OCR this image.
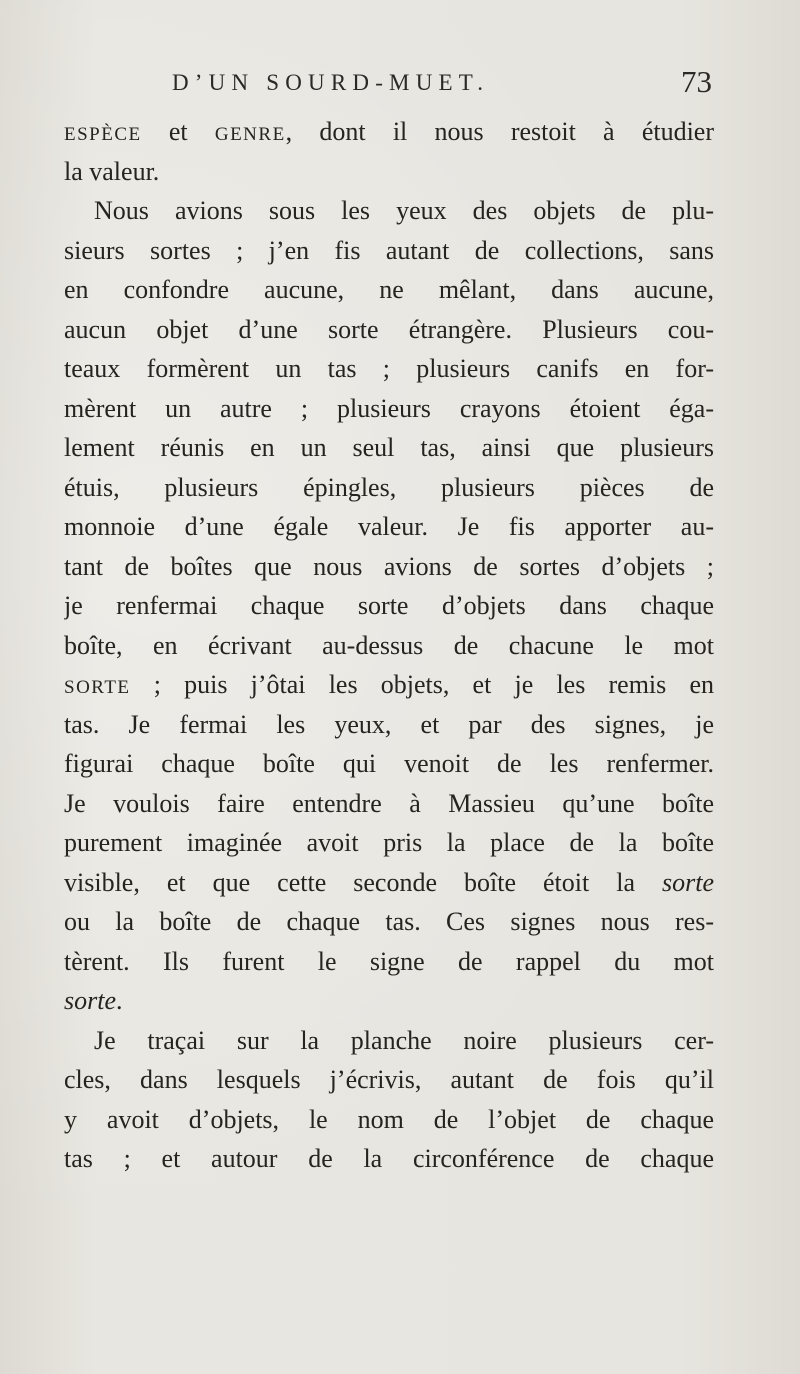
D’UN SOURD-MUET.	73
ESPÈCE et GENRE, dont il nous restoit à étudier
la valeur.
Nous avions sous les yeux des objets de plu-
sieurs sortes ; j’en fis autant de collections, sans
en confondre aucune, ne mêlant, dans aucune,
aucun objet d’une sorte étrangère. Plusieurs cou-
teaux formèrent un tas ; plusieurs canifs en for-
mèrent un autre ; plusieurs crayons étoient éga-
lement réunis en un seul tas, ainsi que plusieurs
étuis, plusieurs épingles, plusieurs pièces de
monnoie d’une égale valeur. Je fis apporter au-
tant de boîtes que nous avions de sortes d’objets ;
je renfermai chaque sorte d’objets dans chaque
boîte, en écrivant au-dessus de chacune le mot
SORTE ; puis j’ôtai les objets, et je les remis en
tas. Je fermai les yeux, et par des signes, je
figurai chaque boîte qui venoit de les renfermer.
Je voulois faire entendre à Massieu qu’une boîte
purement imaginée avoit pris la place de la boîte
visible, et que cette seconde boîte étoit la sorte
ou la boîte de chaque tas. Ces signes nous res-
tèrent. Ils furent le signe de rappel du mot
sorte.
Je traçai sur la planche noire plusieurs cer-
cles, dans lesquels j’écrivis, autant de fois qu’il
y avoit d’objets, le nom de l’objet de chaque
tas ; et autour de la circonférence de chaque
